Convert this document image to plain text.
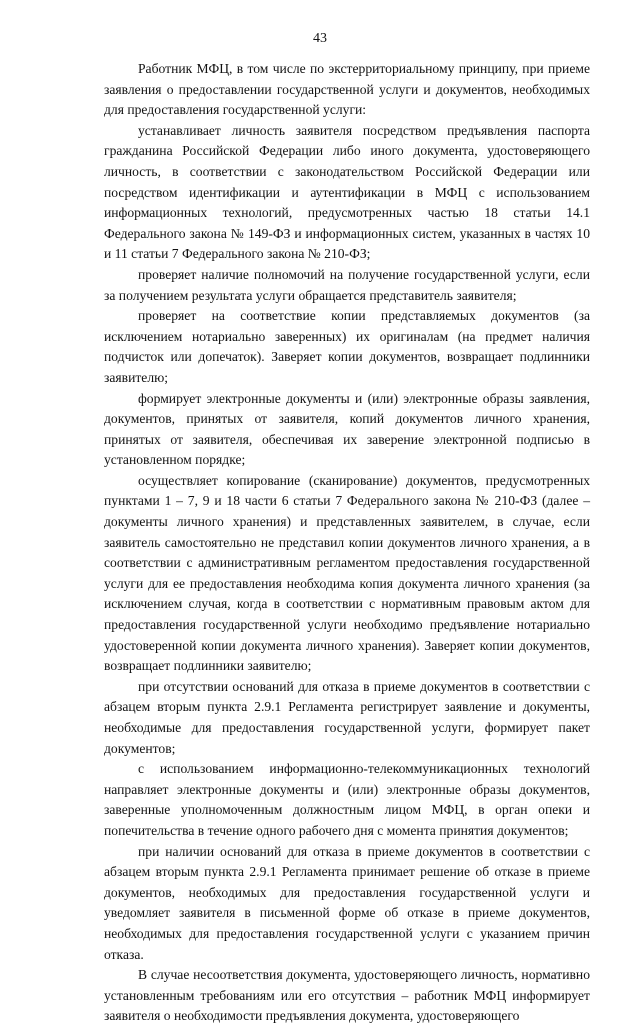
43

Работник МФЦ, в том числе по экстерриториальному принципу, при приеме заявления о предоставлении государственной услуги и документов, необходимых для предоставления государственной услуги:

устанавливает личность заявителя посредством предъявления паспорта гражданина Российской Федерации либо иного документа, удостоверяющего личность, в соответствии с законодательством Российской Федерации или посредством идентификации и аутентификации в МФЦ с использованием информационных технологий, предусмотренных частью 18 статьи 14.1 Федерального закона № 149-ФЗ и информационных систем, указанных в частях 10 и 11 статьи 7 Федерального закона № 210-ФЗ;

проверяет наличие полномочий на получение государственной услуги, если за получением результата услуги обращается представитель заявителя;

проверяет на соответствие копии представляемых документов (за исключением нотариально заверенных) их оригиналам (на предмет наличия подчисток или допечаток). Заверяет копии документов, возвращает подлинники заявителю;

формирует электронные документы и (или) электронные образы заявления, документов, принятых от заявителя, копий документов личного хранения, принятых от заявителя, обеспечивая их заверение электронной подписью в установленном порядке;

осуществляет копирование (сканирование) документов, предусмотренных пунктами 1 – 7, 9 и 18 части 6 статьи 7 Федерального закона № 210-ФЗ (далее – документы личного хранения) и представленных заявителем, в случае, если заявитель самостоятельно не представил копии документов личного хранения, а в соответствии с административным регламентом предоставления государственной услуги для ее предоставления необходима копия документа личного хранения (за исключением случая, когда в соответствии с нормативным правовым актом для предоставления государственной услуги необходимо предъявление нотариально удостоверенной копии документа личного хранения). Заверяет копии документов, возвращает подлинники заявителю;

при отсутствии оснований для отказа в приеме документов в соответствии с абзацем вторым пункта 2.9.1 Регламента регистрирует заявление и документы, необходимые для предоставления государственной услуги, формирует пакет документов;

с использованием информационно-телекоммуникационных технологий направляет электронные документы и (или) электронные образы документов, заверенные уполномоченным должностным лицом МФЦ, в орган опеки и попечительства в течение одного рабочего дня с момента принятия документов;

при наличии оснований для отказа в приеме документов в соответствии с абзацем вторым пункта 2.9.1 Регламента принимает решение об отказе в приеме документов, необходимых для предоставления государственной услуги и уведомляет заявителя в письменной форме об отказе в приеме документов, необходимых для предоставления государственной услуги с указанием причин отказа.

В случае несоответствия документа, удостоверяющего личность, нормативно установленным требованиям или его отсутствия – работник МФЦ информирует заявителя о необходимости предъявления документа, удостоверяющего
